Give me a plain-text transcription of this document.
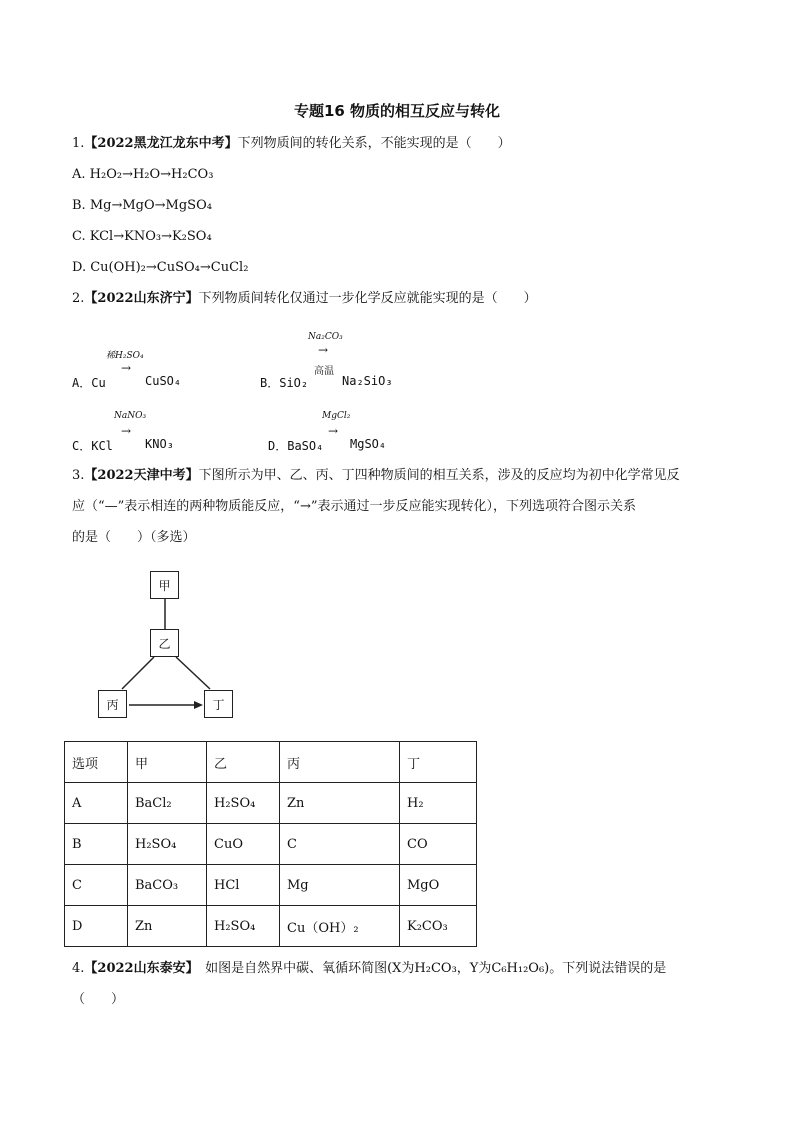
专题16 物质的相互反应与转化
1.【2022黑龙江龙东中考】下列物质间的转化关系，不能实现的是（　　）
A. H₂O₂→H₂O→H₂CO₃
B. Mg→MgO→MgSO₄
C. KCl→KNO₃→K₂SO₄
D. Cu(OH)₂→CuSO₄→CuCl₂
2.【2022山东济宁】下列物质间转化仅通过一步化学反应就能实现的是（　　）
A．Cu
稀H₂SO₄
→
CuSO₄	B．SiO₂
Na₂CO₃
→
高温
Na₂SiO₃
C．KCl
NaNO₃
→
KNO₃	D．BaSO₄
MgCl₂
→
MgSO₄
3.【2022天津中考】下图所示为甲、乙、丙、丁四种物质间的相互关系，涉及的反应均为初中化学常见反
应（“—”表示相连的两种物质能反应，“→”表示通过一步反应能实现转化），下列选项符合图示关系
的是（　　）（多选）
甲
乙
丙	丁
选项	甲	乙	丙	丁
A	BaCl₂	H₂SO₄	Zn	H₂
B	H₂SO₄	CuO	C	CO
C	BaCO₃	HCl	Mg	MgO
D	Zn	H₂SO₄	Cu（OH）₂	K₂CO₃
4.【2022山东泰安】　如图是自然界中碳、氧循环简图(X为H₂CO₃，Y为C₆H₁₂O₆)。下列说法错误的是
（　　）
